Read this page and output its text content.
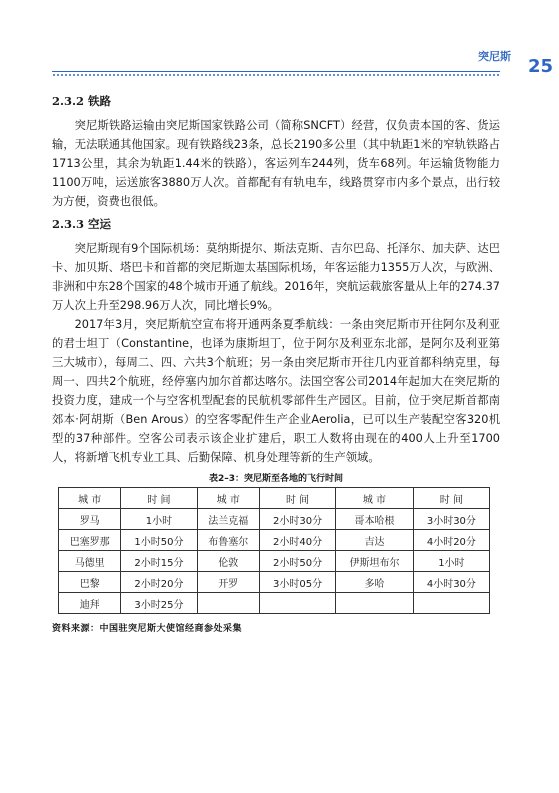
突尼斯 25
2.3.2 铁路

突尼斯铁路运输由突尼斯国家铁路公司（简称SNCFT）经营，仅负责本国的客、货运输，无法联通其他国家。现有铁路线23条，总长2190多公里（其中轨距1米的窄轨铁路占1713公里，其余为轨距1.44米的铁路），客运列车244列，货车68列。年运输货物能力1100万吨，运送旅客3880万人次。首都配有有轨电车，线路贯穿市内多个景点，出行较为方便，资费也很低。

2.3.3 空运

突尼斯现有9个国际机场：莫纳斯提尔、斯法克斯、吉尔巴岛、托泽尔、加夫萨、达巴卡、加贝斯、塔巴卡和首都的突尼斯迦太基国际机场，年客运能力1355万人次，与欧洲、非洲和中东28个国家的48个城市开通了航线。2016年，突航运载旅客量从上年的274.37万人次上升至298.96万人次，同比增长9%。

2017年3月，突尼斯航空宣布将开通两条夏季航线：一条由突尼斯市开往阿尔及利亚的君士坦丁（Constantine，也译为康斯坦丁，位于阿尔及利亚东北部，是阿尔及利亚第三大城市），每周二、四、六共3个航班；另一条由突尼斯市开往几内亚首都科纳克里，每周一、四共2个航班，经停塞内加尔首都达喀尔。法国空客公司2014年起加大在突尼斯的投资力度，建成一个与空客机型配套的民航机零部件生产园区。目前，位于突尼斯首都南郊本·阿胡斯（Ben Arous）的空客零配件生产企业Aerolia，已可以生产装配空客320机型的37种部件。空客公司表示该企业扩建后，职工人数将由现在的400人上升至1700人，将新增飞机专业工具、后勤保障、机身处理等新的生产领域。

表2–3：突尼斯至各地的飞行时间
城 市	时 间	城 市	时 间	城 市	时 间
罗马	1小时	法兰克福	2小时30分	哥本哈根	3小时30分
巴塞罗那	1小时50分	布鲁塞尔	2小时40分	吉达	4小时20分
马德里	2小时15分	伦敦	2小时50分	伊斯坦布尔	1小时
巴黎	2小时20分	开罗	3小时05分	多哈	4小时30分
迪拜	3小时25分				
资料来源：中国驻突尼斯大使馆经商参处采集
